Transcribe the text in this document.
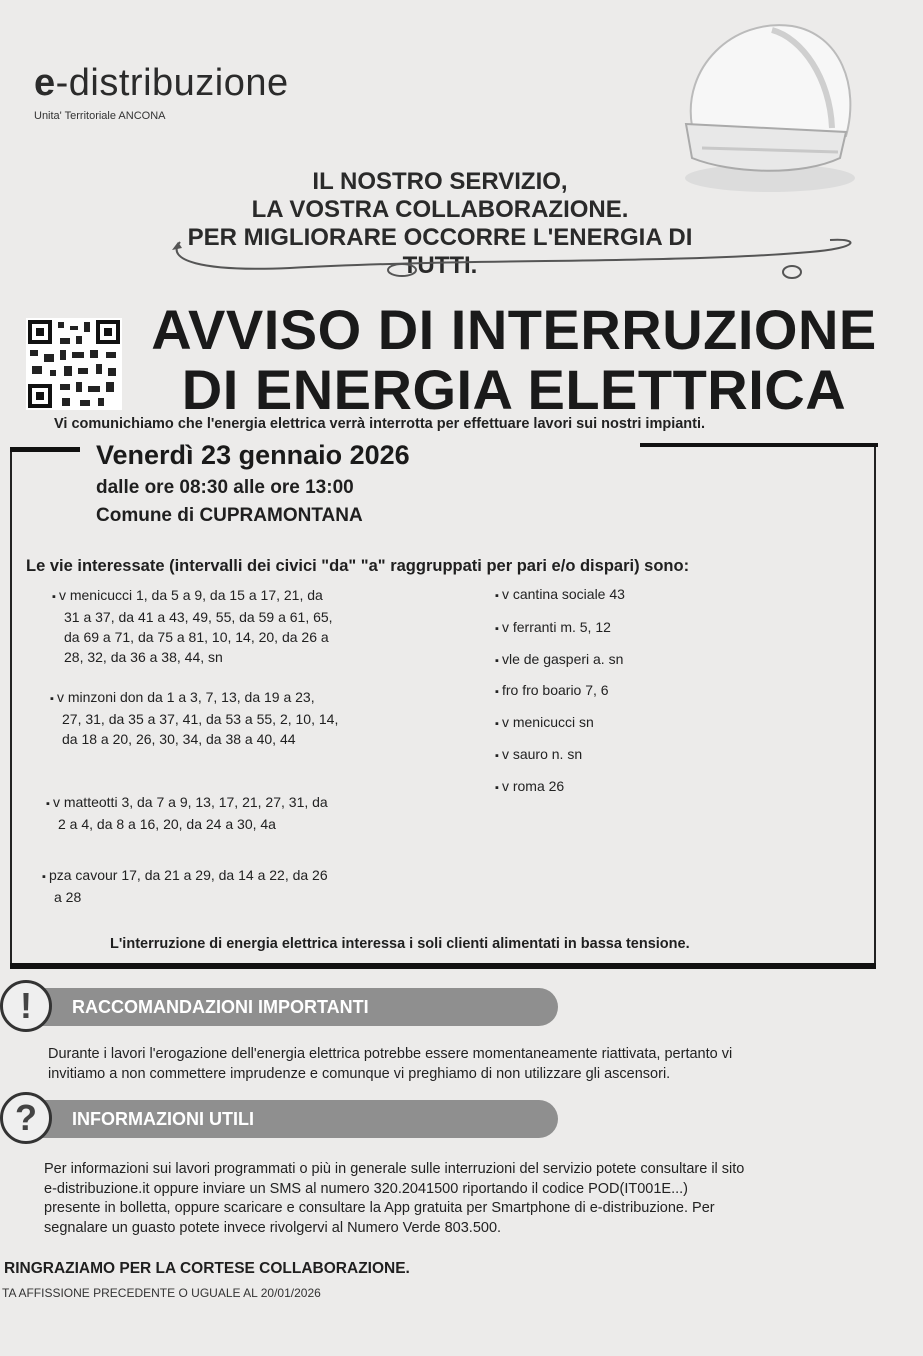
e-distribuzione
Unita' Territoriale ANCONA
IL NOSTRO SERVIZIO,
LA VOSTRA COLLABORAZIONE.
PER MIGLIORARE OCCORRE L'ENERGIA DI TUTTI.
AVVISO DI INTERRUZIONE
DI ENERGIA ELETTRICA
Vi comunichiamo che l'energia elettrica verrà interrotta per effettuare lavori sui nostri impianti.
Venerdì 23 gennaio 2026
dalle ore 08:30 alle ore 13:00
Comune di CUPRAMONTANA
Le vie interessate (intervalli dei civici "da" "a" raggruppati per pari e/o dispari) sono:
▪ v menicucci 1, da 5 a 9, da 15 a 17, 21, da
31 a 37, da 41 a 43, 49, 55, da 59 a 61, 65,
da 69 a 71, da 75 a 81, 10, 14, 20, da 26 a
28, 32, da 36 a 38, 44, sn
▪ v minzoni don da 1 a 3, 7, 13, da 19 a 23,
27, 31, da 35 a 37, 41, da 53 a 55, 2, 10, 14,
da 18 a 20, 26, 30, 34, da 38 a 40, 44
▪ v matteotti 3, da 7 a 9, 13, 17, 21, 27, 31, da
2 a 4, da 8 a 16, 20, da 24 a 30, 4a
▪ pza cavour 17, da 21 a 29, da 14 a 22, da 26
a 28
▪ v cantina sociale 43
▪ v ferranti m. 5, 12
▪ vle de gasperi a. sn
▪ fro fro boario 7, 6
▪ v menicucci sn
▪ v sauro n. sn
▪ v roma 26
L'interruzione di energia elettrica interessa i soli clienti alimentati in bassa tensione.
RACCOMANDAZIONI IMPORTANTI
!
Durante i lavori l'erogazione dell'energia elettrica potrebbe essere momentaneamente riattivata, pertanto vi
invitiamo a non commettere imprudenze e comunque vi preghiamo di non utilizzare gli ascensori.
INFORMAZIONI UTILI
?
Per informazioni sui lavori programmati o più in generale sulle interruzioni del servizio potete consultare il sito
e-distribuzione.it oppure inviare un SMS al numero 320.2041500 riportando il codice POD(IT001E...)
presente in bolletta, oppure scaricare e consultare la App gratuita per Smartphone di e-distribuzione. Per
segnalare un guasto potete invece rivolgervi al Numero Verde 803.500.
RINGRAZIAMO PER LA CORTESE COLLABORAZIONE.
TA AFFISSIONE PRECEDENTE O UGUALE AL 20/01/2026
